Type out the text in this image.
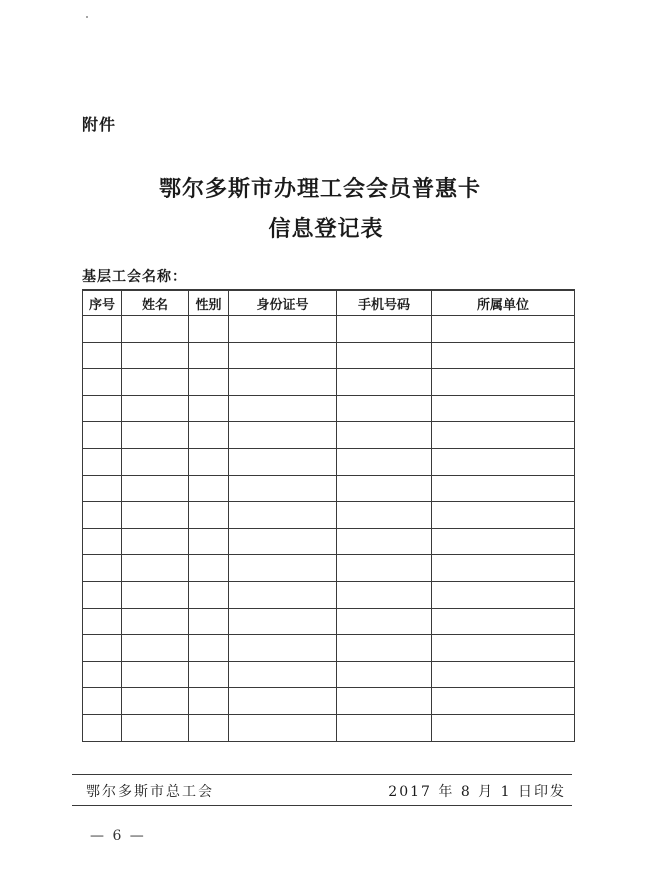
附件
鄂尔多斯市办理工会会员普惠卡
信息登记表
基层工会名称：
序号	姓名	性别	身份证号	手机号码	所属单位

鄂尔多斯市总工会	2017 年 8 月 1 日印发
— 6 —
